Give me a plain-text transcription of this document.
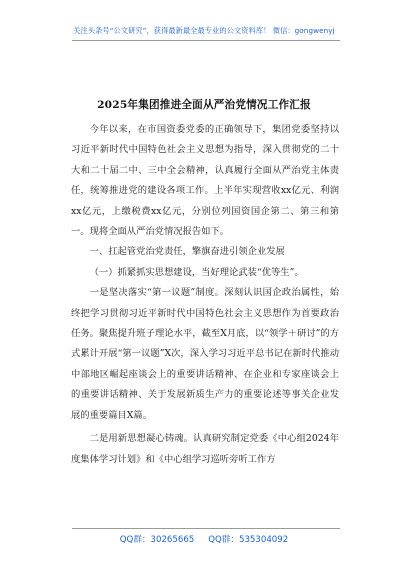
关注头条号“公文研究”，获得最新最全最专业的公文资料库！ 微信：gongwenyj
2025年集团推进全面从严治党情况工作汇报

今年以来，在市国资委党委的正确领导下，集团党委坚持以习近平新时代中国特色社会主义思想为指导，深入贯彻党的二十大和二十届二中、三中全会精神，认真履行全面从严治党主体责任，统筹推进党的建设各项工作。上半年实现营收xx亿元、利润xx亿元，上缴税费xx亿元，分别位列国资国企第二、第三和第一。现将全面从严治党情况报告如下。

一、扛起管党治党责任，擎旗奋进引领企业发展

（一）抓紧抓实思想建设，当好理论武装“优等生”。

一是坚决落实“第一议题”制度。深刻认识国企政治属性，始终把学习贯彻习近平新时代中国特色社会主义思想作为首要政治任务。聚焦提升班子理论水平，截至X月底，以“领学＋研讨”的方式累计开展“第一议题”X次，深入学习习近平总书记在新时代推动中部地区崛起座谈会上的重要讲话精神、在企业和专家座谈会上的重要讲话精神、关于发展新质生产力的重要论述等事关企业发展的重要篇目X篇。

二是用新思想凝心铸魂。认真研究制定党委《中心组2024年度集体学习计划》和《中心组学习巡听旁听工作方

QQ群：30265665 QQ群：535304092
